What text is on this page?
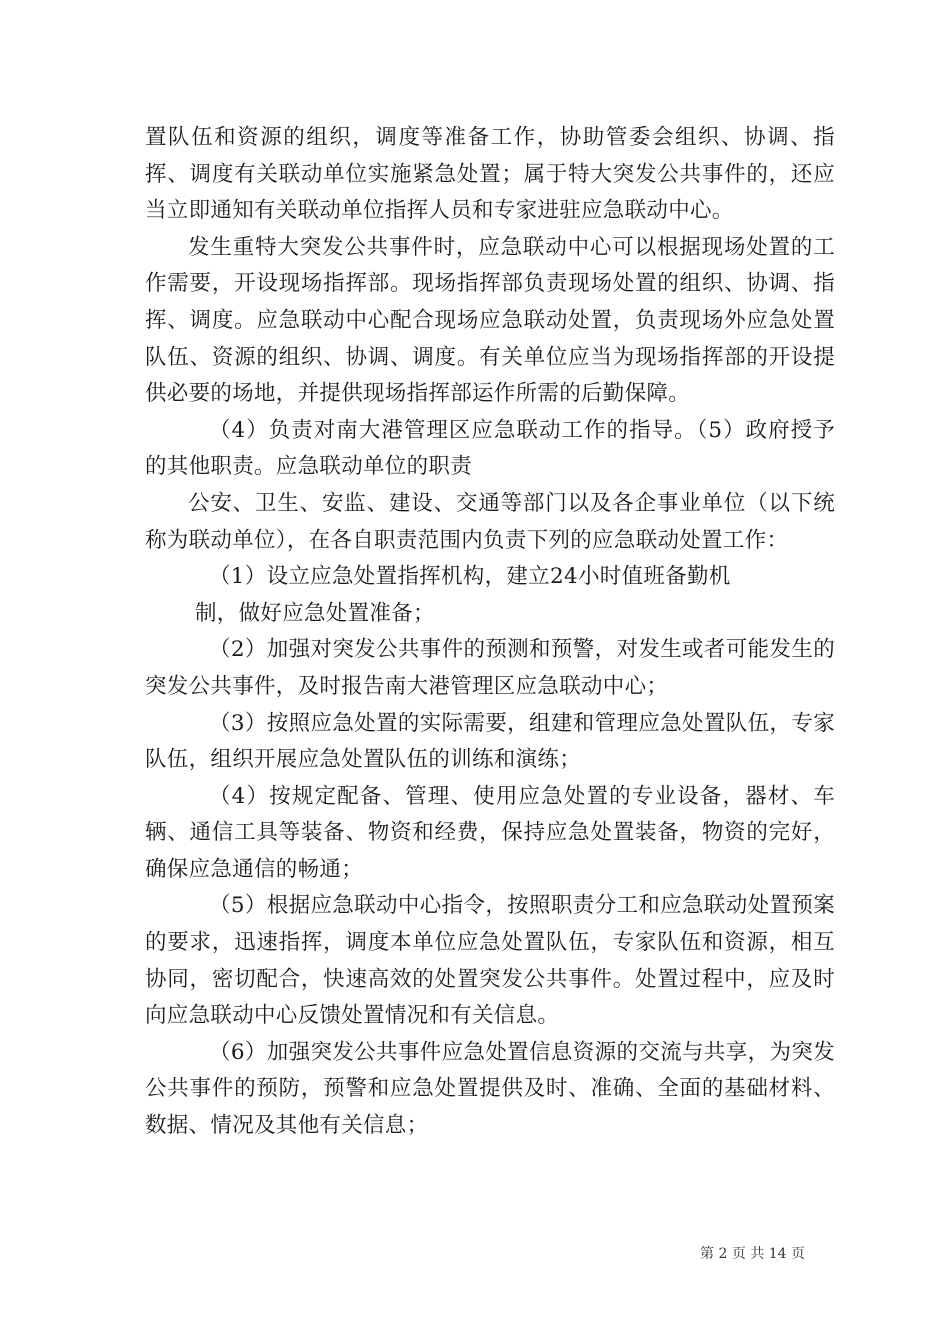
置队伍和资源的组织，调度等准备工作，协助管委会组织、协调、指挥、调度有关联动单位实施紧急处置；属于特大突发公共事件的，还应当立即通知有关联动单位指挥人员和专家进驻应急联动中心。

发生重特大突发公共事件时，应急联动中心可以根据现场处置的工作需要，开设现场指挥部。现场指挥部负责现场处置的组织、协调、指挥、调度。应急联动中心配合现场应急联动处置，负责现场外应急处置队伍、资源的组织、协调、调度。有关单位应当为现场指挥部的开设提供必要的场地，并提供现场指挥部运作所需的后勤保障。

（4）负责对南大港管理区应急联动工作的指导。（5）政府授予的其他职责。应急联动单位的职责

公安、卫生、安监、建设、交通等部门以及各企事业单位（以下统称为联动单位），在各自职责范围内负责下列的应急联动处置工作：

（1）设立应急处置指挥机构，建立24小时值班备勤机

制，做好应急处置准备；

（2）加强对突发公共事件的预测和预警，对发生或者可能发生的突发公共事件，及时报告南大港管理区应急联动中心；

（3）按照应急处置的实际需要，组建和管理应急处置队伍，专家队伍，组织开展应急处置队伍的训练和演练；

（4）按规定配备、管理、使用应急处置的专业设备，器材、车辆、通信工具等装备、物资和经费，保持应急处置装备，物资的完好，确保应急通信的畅通；

（5）根据应急联动中心指令，按照职责分工和应急联动处置预案的要求，迅速指挥，调度本单位应急处置队伍，专家队伍和资源，相互协同，密切配合，快速高效的处置突发公共事件。处置过程中，应及时向应急联动中心反馈处置情况和有关信息。

（6）加强突发公共事件应急处置信息资源的交流与共享，为突发公共事件的预防，预警和应急处置提供及时、准确、全面的基础材料、数据、情况及其他有关信息；

第 2 页 共 14 页
